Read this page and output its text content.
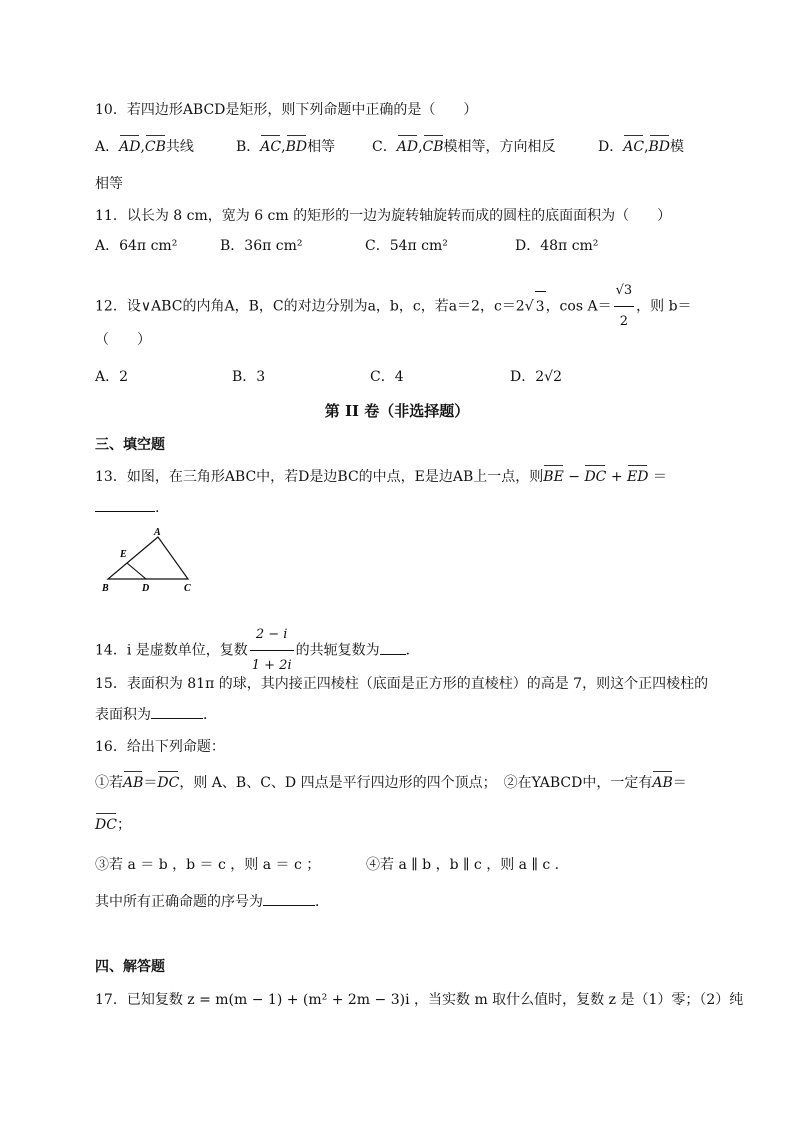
10．若四边形ABCD是矩形，则下列命题中正确的是（　　）
A．AD,CB共线	B．AC,BD相等	C．AD,CB模相等，方向相反	D．AC,BD模
相等
11．以长为 8 cm，宽为 6 cm 的矩形的一边为旋转轴旋转而成的圆柱的底面面积为（　　）
A．64π cm²	B．36π cm²	C．54π cm²	D．48π cm²
12．设∨ABC的内角A，B，C的对边分别为a，b，c，若a＝2，c＝2√ 3，$\cos A= \frac{√3}{2}$ ，则 b＝
（　　）
A．2	B．3	C．4	D．2√2
第 II 卷（非选择题）
三、填空题
13．如图，在三角形ABC中，若D是边BC的中点，E是边AB上一点，则BE − DC + ED ＝
.
A
E
B	D	C
14．i 是虚数单位，复数 $\frac{2 - i}{1 + 2i}$ 的共轭复数为 ．
15．表面积为 81π 的球，其内接正四棱柱（底面是正方形的直棱柱）的高是 7，则这个正四棱柱的
表面积为	．
16．给出下列命题：
①若AB＝DC，则 A、B、C、D 四点是平行四边形的四个顶点；　 ②在YABCD中，一定有AB＝
DC；
③若 a ＝ b ，b ＝ c ，则 a ＝ c ；	④若 a ∥ b ，b ∥ c ，则 a ∥ c ．
其中所有正确命题的序号为	．
四、解答题
17．已知复数 z = m(m − 1) + (m² + 2m − 3)i ，当实数 m 取什么值时，复数 z 是（1）零；（2）纯
